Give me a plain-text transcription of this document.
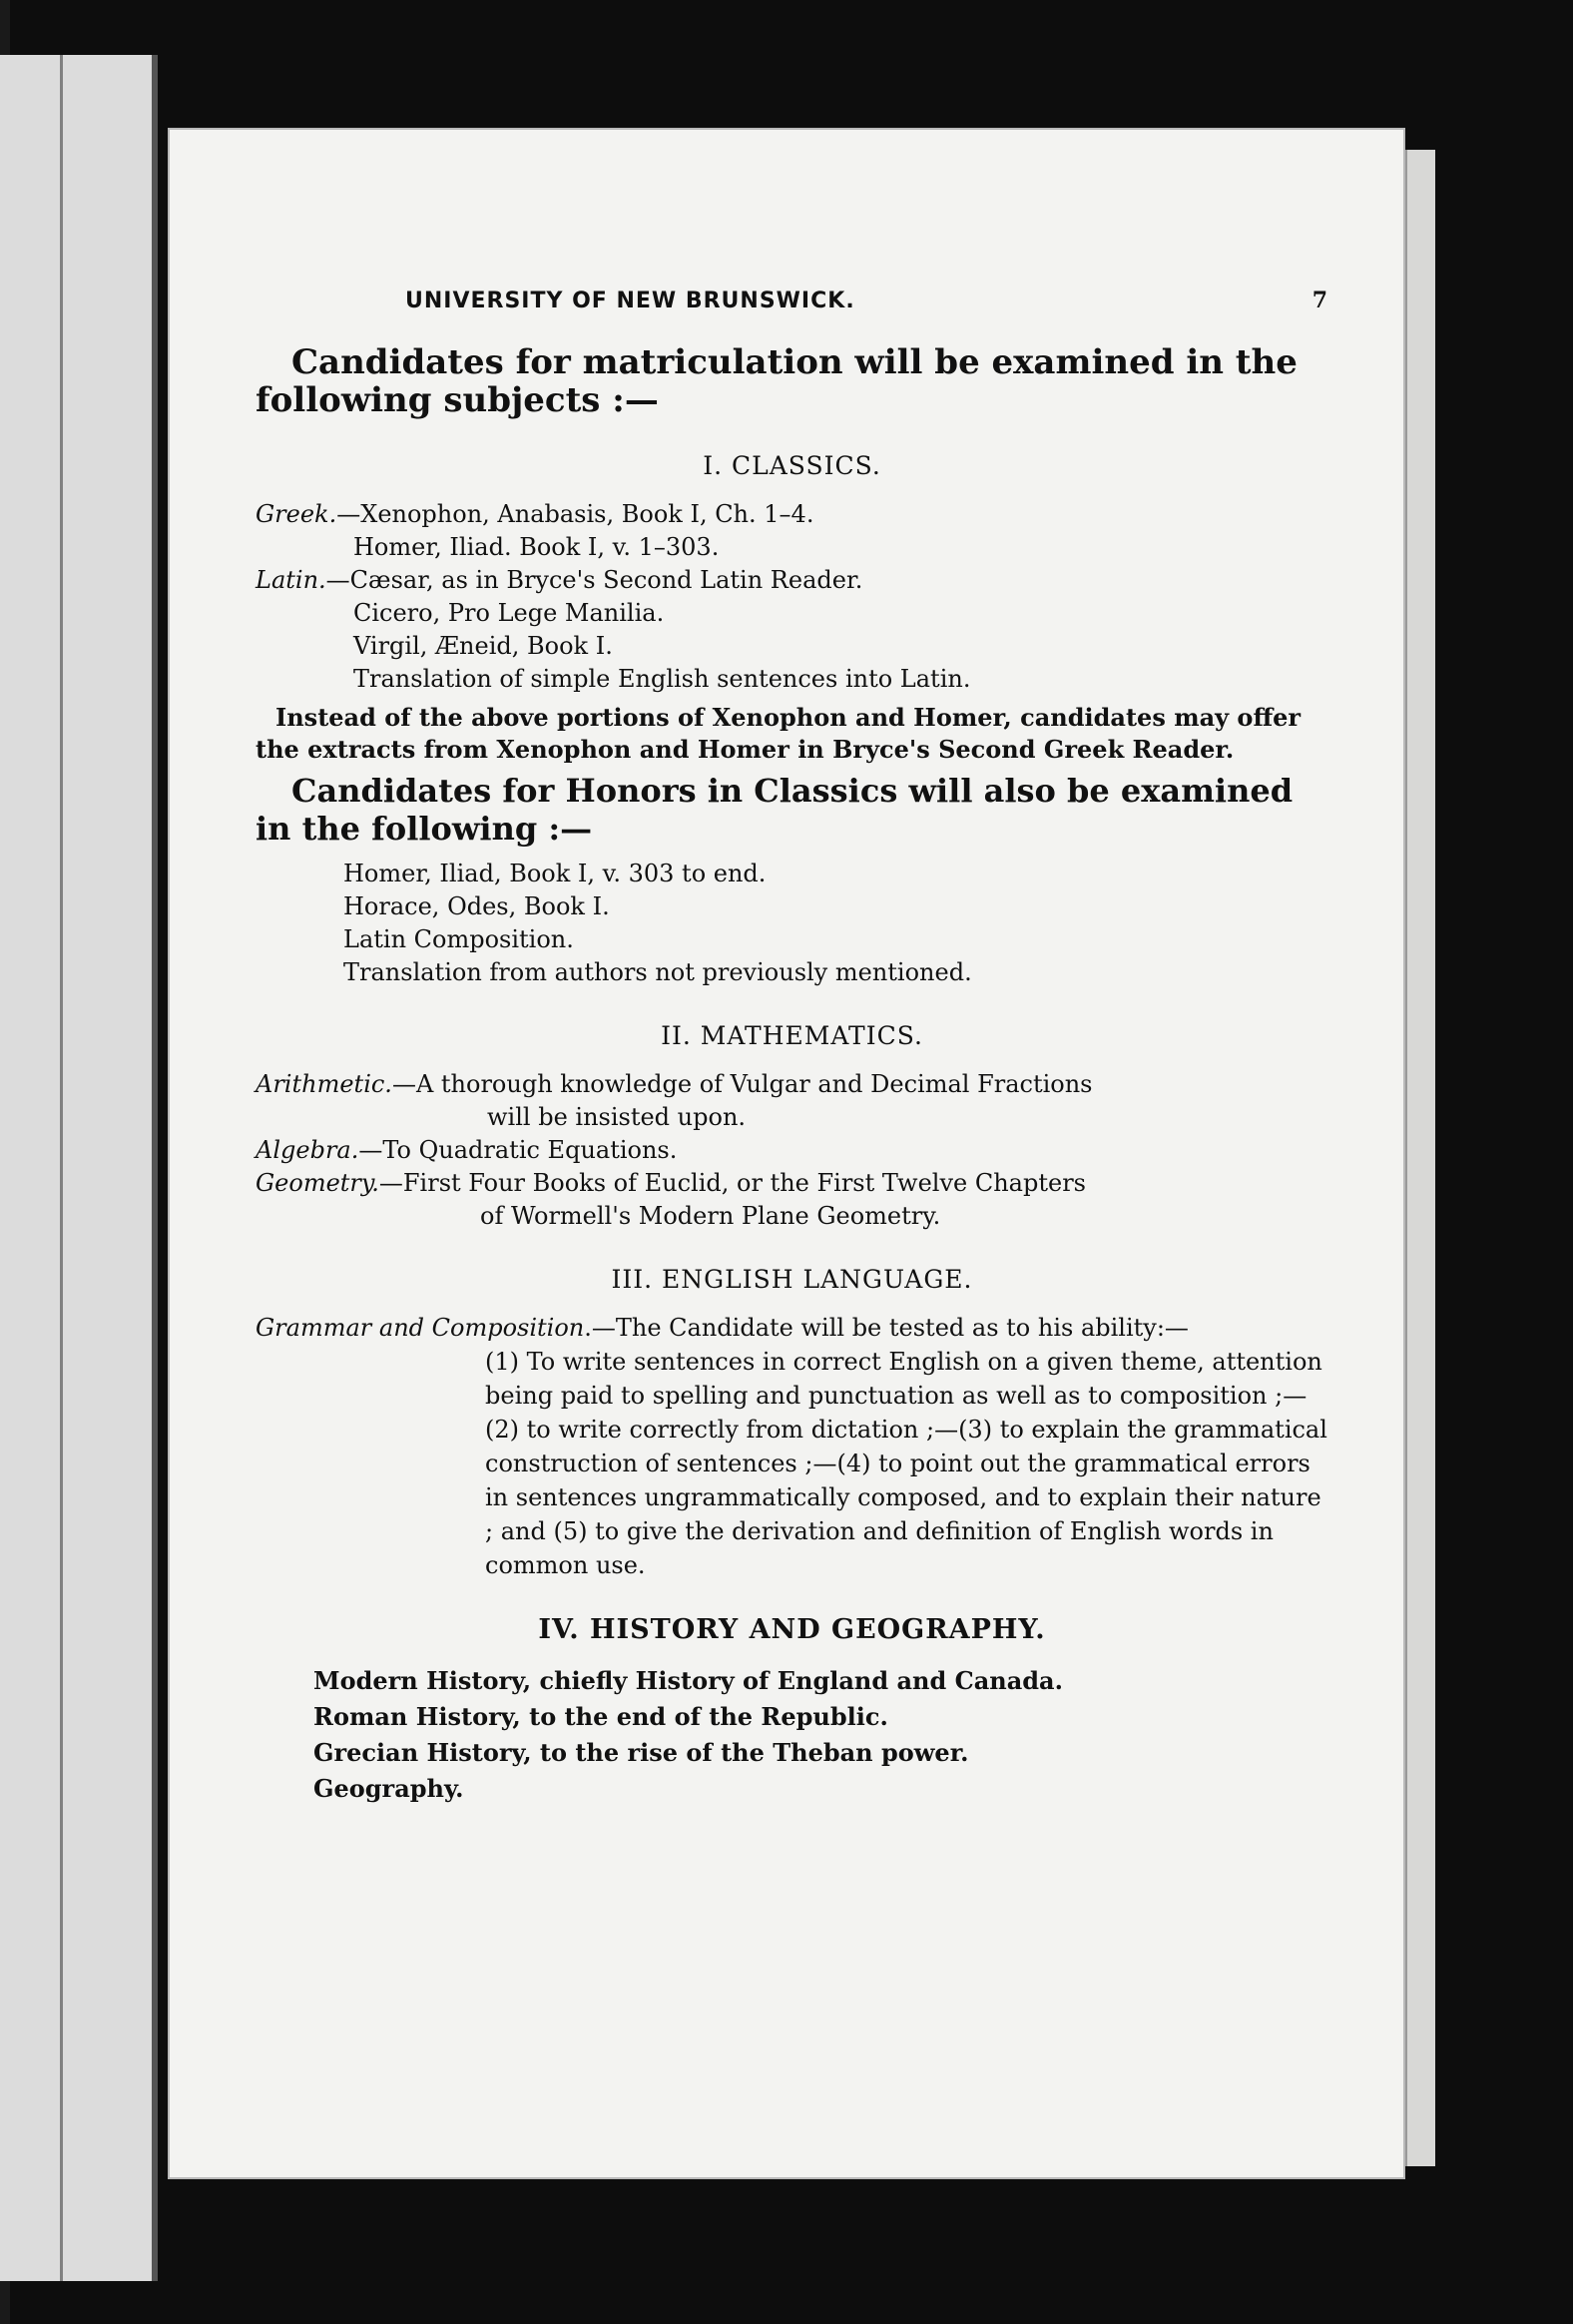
UNIVERSITY OF NEW BRUNSWICK.	7
Candidates for matriculation will be examined in the following subjects :—
I. CLASSICS.
Greek.—Xenophon, Anabasis, Book I, Ch. 1–4.
Homer, Iliad. Book I, v. 1–303.
Latin.—Cæsar, as in Bryce's Second Latin Reader.
Cicero, Pro Lege Manilia.
Virgil, Æneid, Book I.
Translation of simple English sentences into Latin.
Instead of the above portions of Xenophon and Homer, candidates may offer the extracts from Xenophon and Homer in Bryce's Second Greek Reader.
Candidates for Honors in Classics will also be examined in the following :—
Homer, Iliad, Book I, v. 303 to end.
Horace, Odes, Book I.
Latin Composition.
Translation from authors not previously mentioned.
II. MATHEMATICS.
Arithmetic.—A thorough knowledge of Vulgar and Decimal Fractions
will be insisted upon.
Algebra.—To Quadratic Equations.
Geometry.—First Four Books of Euclid, or the First Twelve Chapters
of Wormell's Modern Plane Geometry.
III. ENGLISH LANGUAGE.
Grammar and Composition.—The Candidate will be tested as to his ability:—
(1) To write sentences in correct English on a given theme, attention being paid to spelling and punctuation as well as to composition ;—(2) to write correctly from dictation ;—(3) to explain the grammatical construction of sentences ;—(4) to point out the grammatical errors in sentences ungrammatically composed, and to explain their nature ; and (5) to give the derivation and definition of English words in common use.
IV. HISTORY AND GEOGRAPHY.
Modern History, chiefly History of England and Canada.
Roman History, to the end of the Republic.
Grecian History, to the rise of the Theban power.
Geography.
